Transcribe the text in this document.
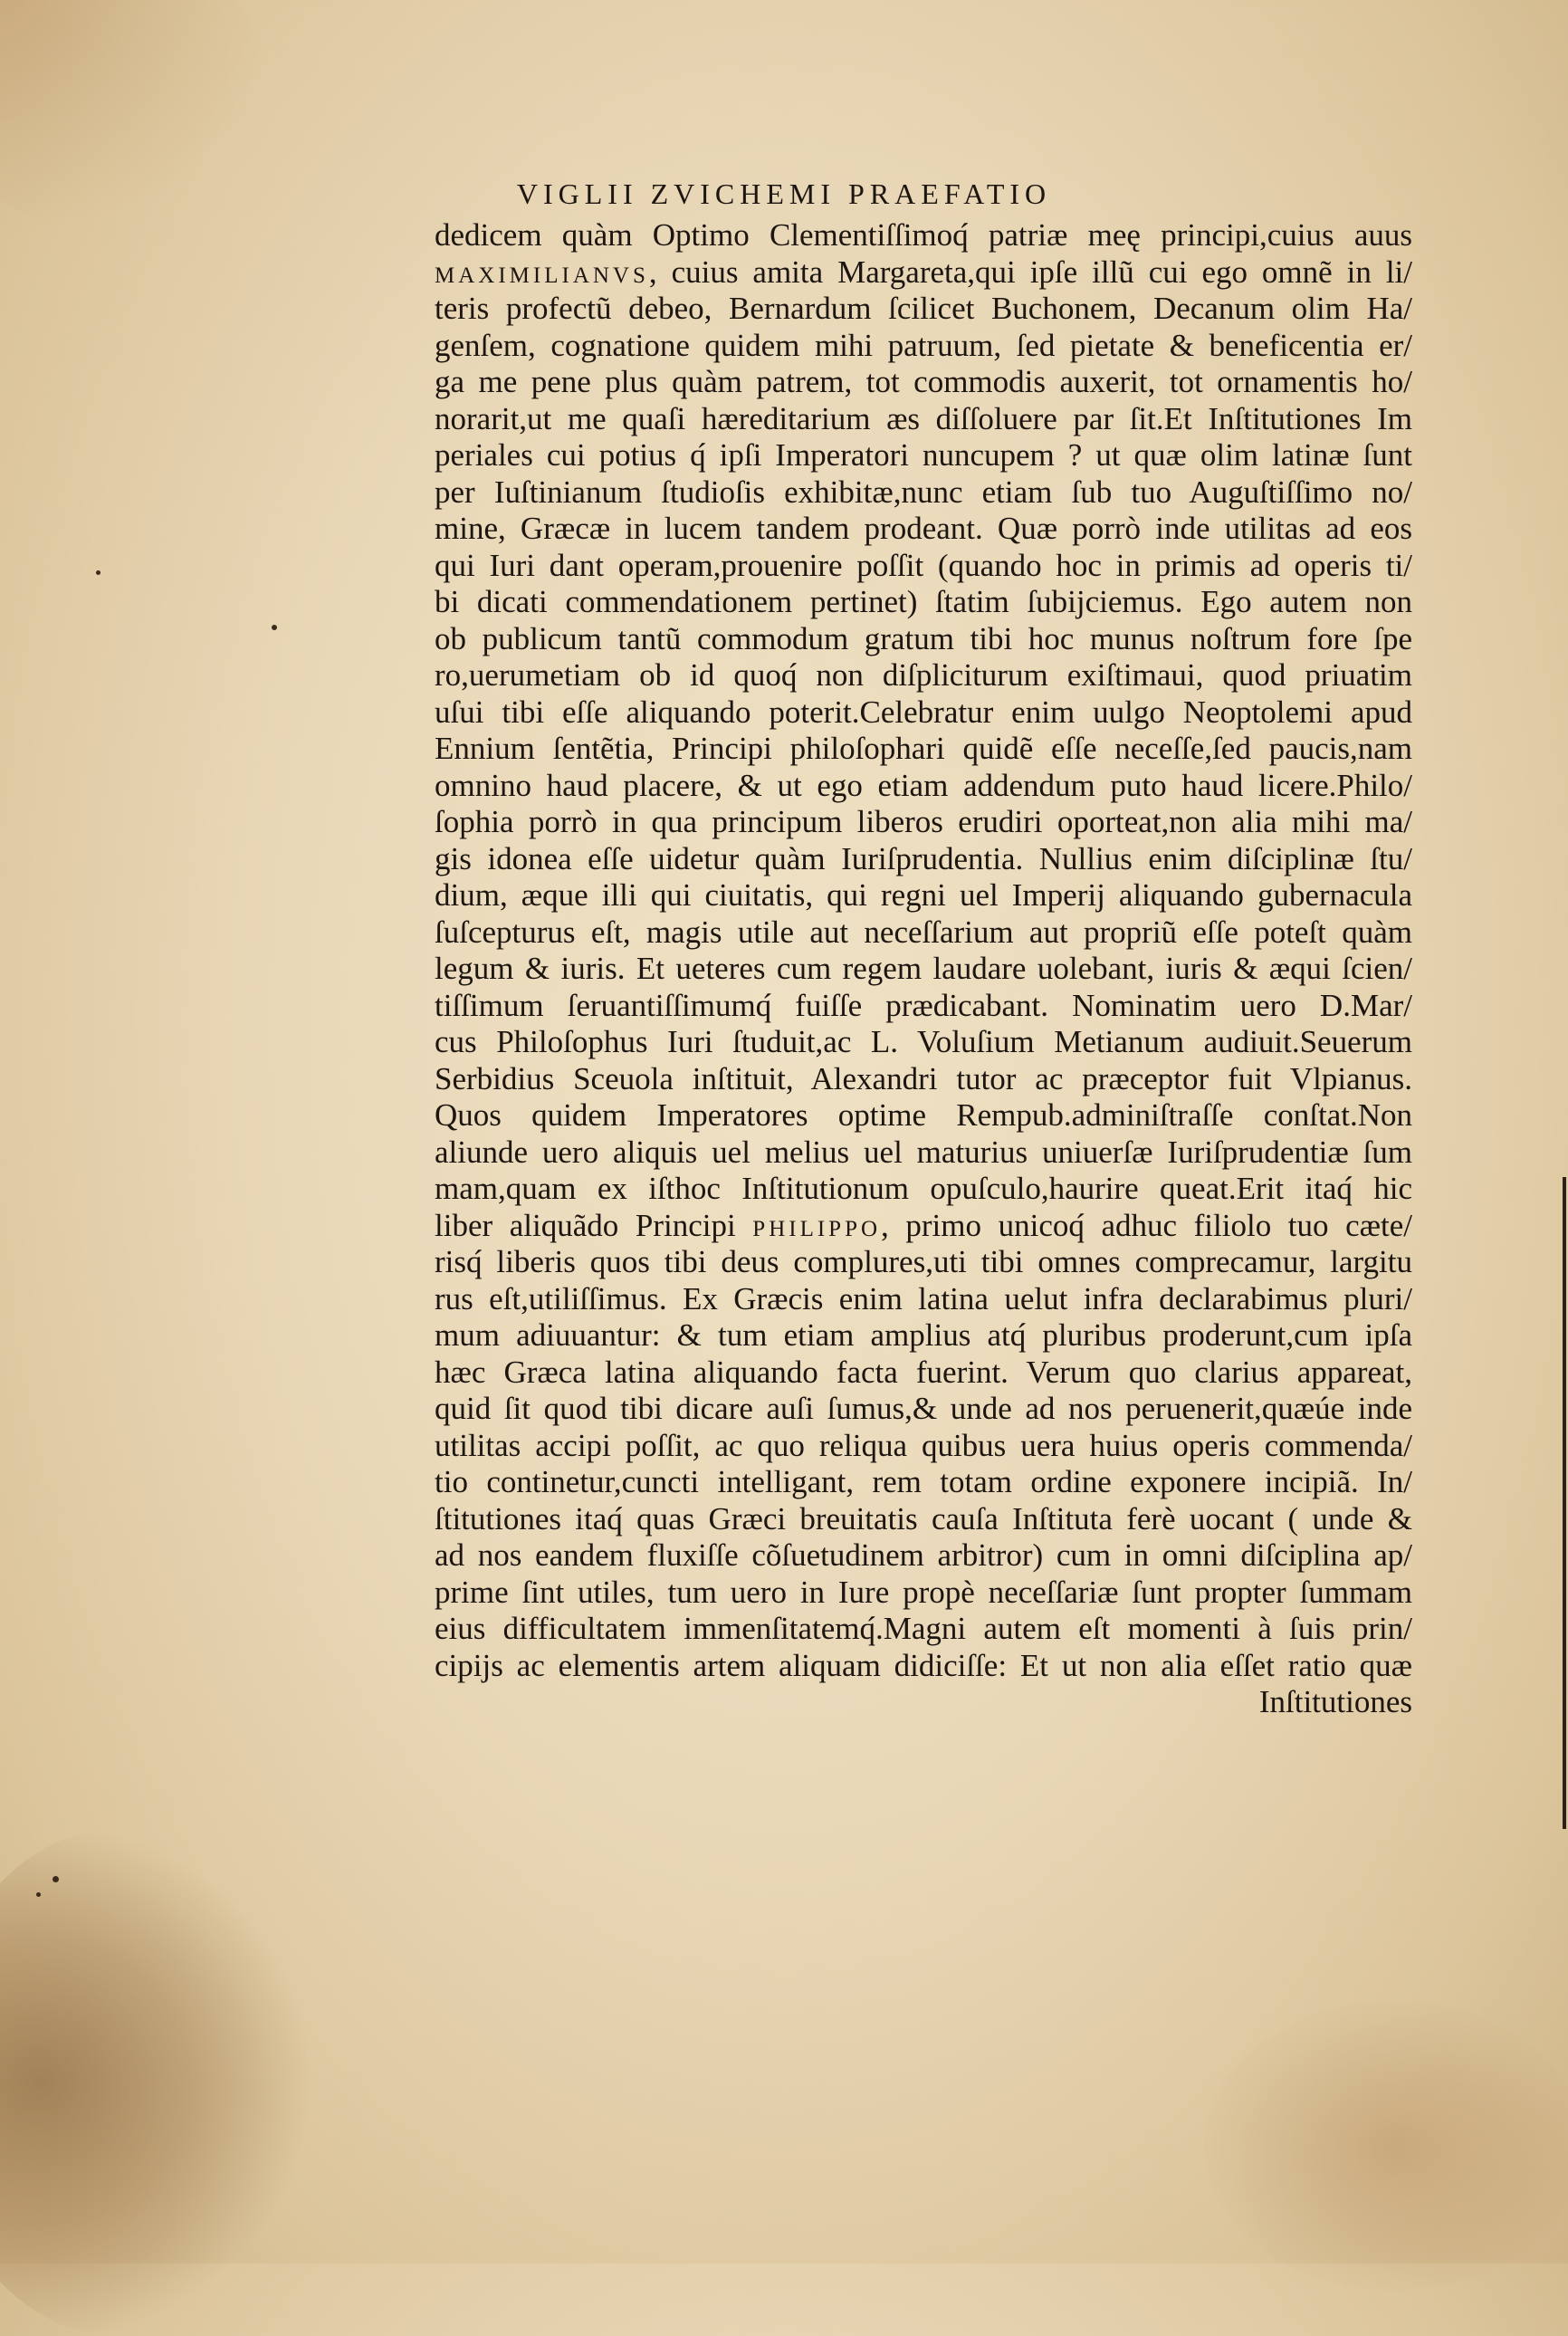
VIGLII ZVICHEMI PRAEFATIO
dedicem quàm Optimo Clementiſſimoq́ patriæ meę principi,cuius auus
MAXIMILIANVS, cuius amita Margareta,qui ipſe illũ cui ego omnẽ in li/
teris profectũ debeo, Bernardum ſcilicet Buchonem, Decanum olim Ha/
genſem, cognatione quidem mihi patruum, ſed pietate & beneficentia er/
ga me pene plus quàm patrem, tot commodis auxerit, tot ornamentis ho/
norarit,ut me quaſi hæreditarium æs diſſoluere par ſit.Et Inſtitutiones Im
periales cui potius q́ ipſi Imperatori nuncupem ? ut quæ olim latinæ ſunt
per Iuſtinianum ſtudioſis exhibitæ,nunc etiam ſub tuo Auguſtiſſimo no/
mine, Græcæ in lucem tandem prodeant. Quæ porrò inde utilitas ad eos
qui Iuri dant operam,prouenire poſſit (quando hoc in primis ad operis ti/
bi dicati commendationem pertinet) ſtatim ſubijciemus. Ego autem non
ob publicum tantũ commodum gratum tibi hoc munus noſtrum fore ſpe
ro,uerumetiam ob id quoq́ non diſpliciturum exiſtimaui, quod priuatim
uſui tibi eſſe aliquando poterit.Celebratur enim uulgo Neoptolemi apud
Ennium ſentẽtia, Principi philoſophari quidẽ eſſe neceſſe,ſed paucis,nam
omnino haud placere, & ut ego etiam addendum puto haud licere.Philo/
ſophia porrò in qua principum liberos erudiri oporteat,non alia mihi ma/
gis idonea eſſe uidetur quàm Iuriſprudentia. Nullius enim diſciplinæ ſtu/
dium, æque illi qui ciuitatis, qui regni uel Imperij aliquando gubernacula
ſuſcepturus eſt, magis utile aut neceſſarium aut propriũ eſſe poteſt quàm
legum & iuris. Et ueteres cum regem laudare uolebant, iuris & æqui ſcien/
tiſſimum ſeruantiſſimumq́ fuiſſe prædicabant. Nominatim uero D.Mar/
cus Philoſophus Iuri ſtuduit,ac L. Voluſium Metianum audiuit.Seuerum
Serbidius Sceuola inſtituit, Alexandri tutor ac præceptor fuit Vlpianus.
Quos quidem Imperatores optime Rempub.adminiſtraſſe conſtat.Non
aliunde uero aliquis uel melius uel maturius uniuerſæ Iuriſprudentiæ ſum
mam,quam ex iſthoc Inſtitutionum opuſculo,haurire queat.Erit itaq́ hic
liber aliquãdo Principi PHILIPPO, primo unicoq́ adhuc filiolo tuo cæte/
risq́ liberis quos tibi deus complures,uti tibi omnes comprecamur, largitu
rus eſt,utiliſſimus. Ex Græcis enim latina uelut infra declarabimus pluri/
mum adiuuantur: & tum etiam amplius atq́ pluribus proderunt,cum ipſa
hæc Græca latina aliquando facta fuerint. Verum quo clarius appareat,
quid ſit quod tibi dicare auſi ſumus,& unde ad nos peruenerit,quæúe inde
utilitas accipi poſſit, ac quo reliqua quibus uera huius operis commenda/
tio continetur,cuncti intelligant, rem totam ordine exponere incipiã. In/
ſtitutiones itaq́ quas Græci breuitatis cauſa Inſtituta ferè uocant ( unde &
ad nos eandem fluxiſſe cõſuetudinem arbitror) cum in omni diſciplina ap/
prime ſint utiles, tum uero in Iure propè neceſſariæ ſunt propter ſummam
eius difficultatem immenſitatemq́.Magni autem eſt momenti à ſuis prin/
cipijs ac elementis artem aliquam didiciſſe: Et ut non alia eſſet ratio quæ
Inſtitutiones
